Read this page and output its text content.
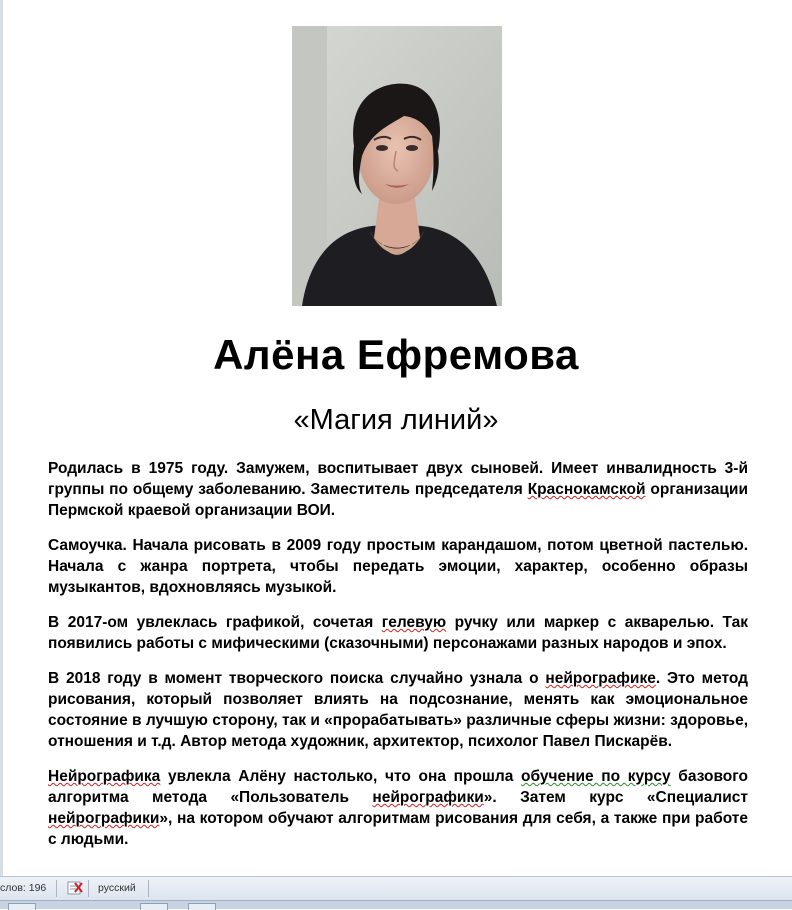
Алёна Ефремова
«Магия линий»

Родилась в 1975 году. Замужем, воспитывает двух сыновей. Имеет инвалидность 3-й группы по общему заболеванию. Заместитель председателя Краснокамской организации Пермской краевой организации ВОИ.

Самоучка. Начала рисовать в 2009 году простым карандашом, потом цветной пастелью. Начала с жанра портрета, чтобы передать эмоции, характер, особенно образы музыкантов, вдохновляясь музыкой.

В 2017-ом увлеклась графикой, сочетая гелевую ручку или маркер с акварелью. Так появились работы с мифическими (сказочными) персонажами разных народов и эпох.

В 2018 году в момент творческого поиска случайно узнала о нейрографике. Это метод рисования, который позволяет влиять на подсознание, менять как эмоциональное состояние в лучшую сторону, так и «прорабатывать» различные сферы жизни: здоровье, отношения и т.д. Автор метода художник, архитектор, психолог Павел Пискарёв.

Нейрографика увлекла Алёну настолько, что она прошла обучение по курсу базового алгоритма метода «Пользователь нейрографики». Затем курс «Специалист нейрографики», на котором обучают алгоритмам рисования для себя, а также при работе с людьми.

слов: 196	русский
